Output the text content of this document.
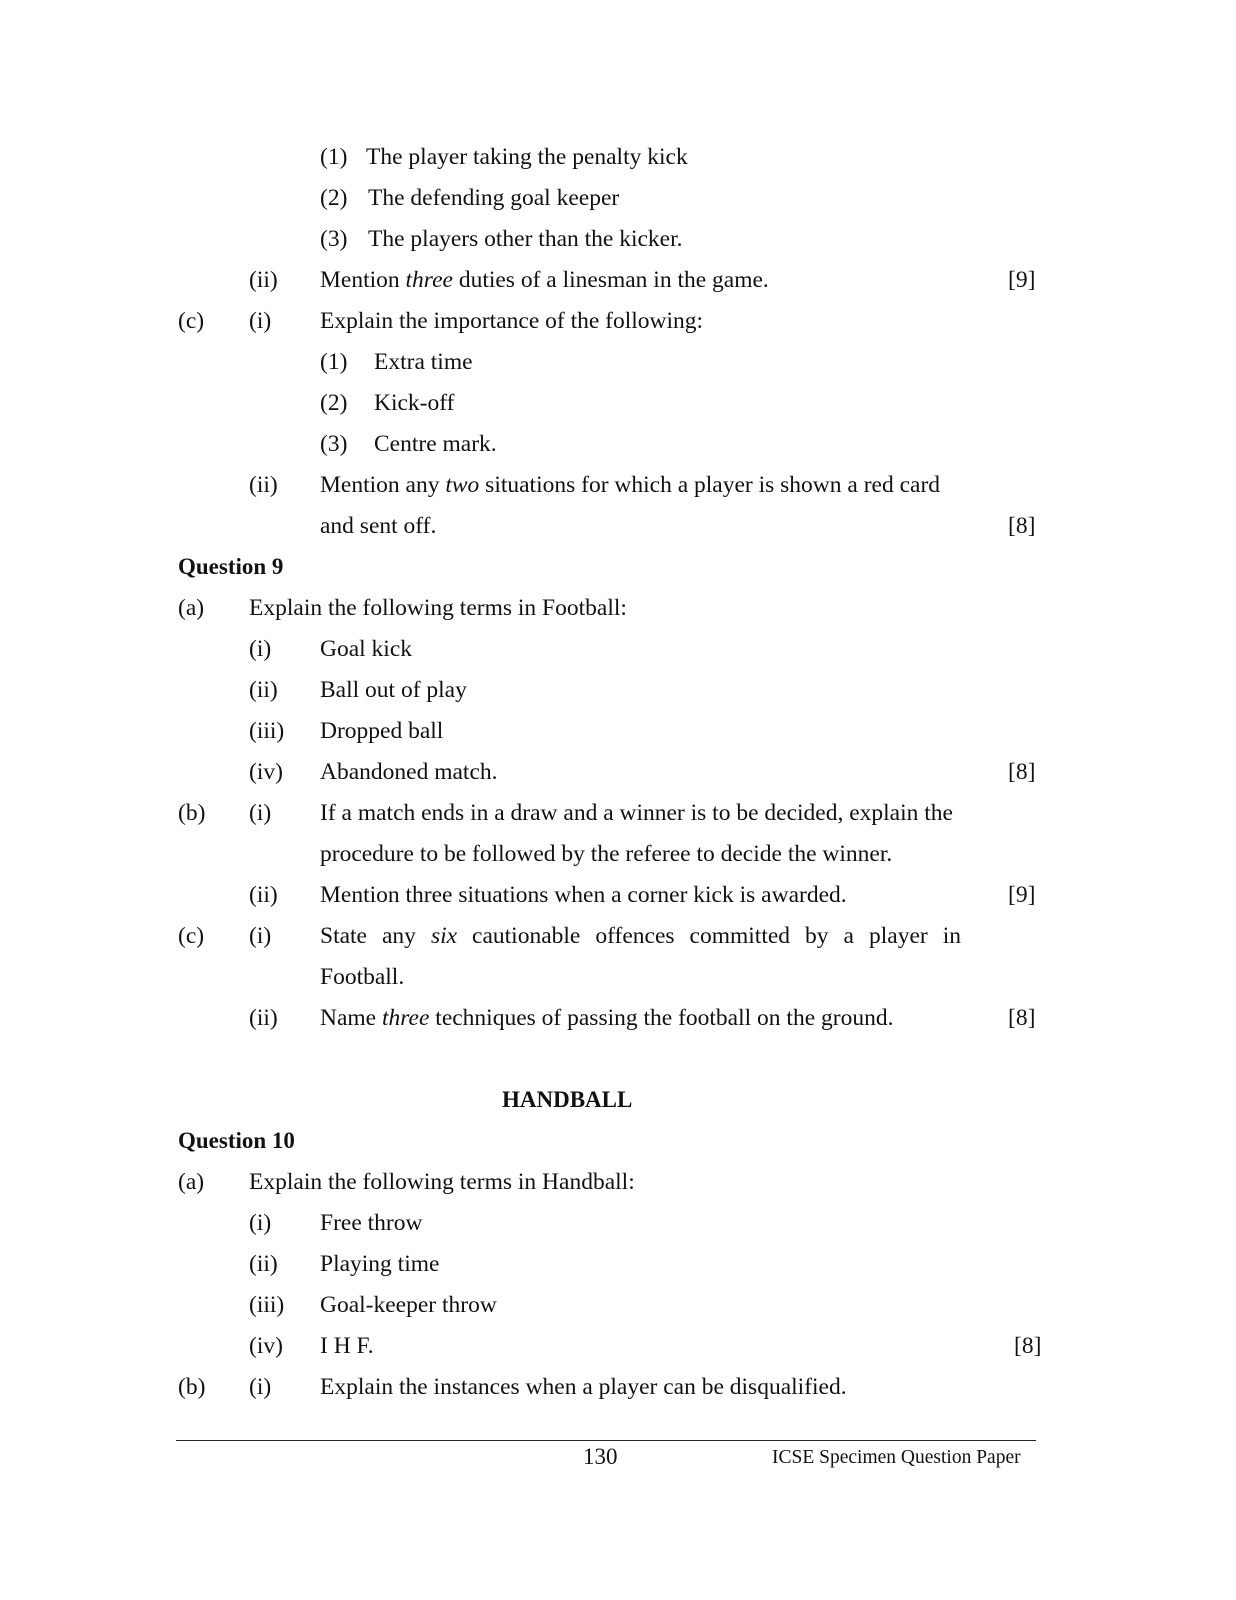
(1) The player taking the penalty kick
(2) The defending goal keeper
(3) The players other than the kicker.
(ii) Mention three duties of a linesman in the game.	[9]
(c) (i) Explain the importance of the following:
(1) Extra time
(2) Kick-off
(3) Centre mark.
(ii) Mention any two situations for which a player is shown a red card
and sent off.	[8]
Question 9
(a) Explain the following terms in Football:
(i) Goal kick
(ii) Ball out of play
(iii) Dropped ball
(iv) Abandoned match.	[8]
(b) (i) If a match ends in a draw and a winner is to be decided, explain the
procedure to be followed by the referee to decide the winner.
(ii) Mention three situations when a corner kick is awarded.	[9]
(c) (i) State any six cautionable offences committed by a player in
Football.
(ii) Name three techniques of passing the football on the ground.	[8]
HANDBALL
Question 10
(a) Explain the following terms in Handball:
(i) Free throw
(ii) Playing time
(iii) Goal-keeper throw
(iv) I H F.	[8]
(b) (i) Explain the instances when a player can be disqualified.
130	ICSE Specimen Question Paper
